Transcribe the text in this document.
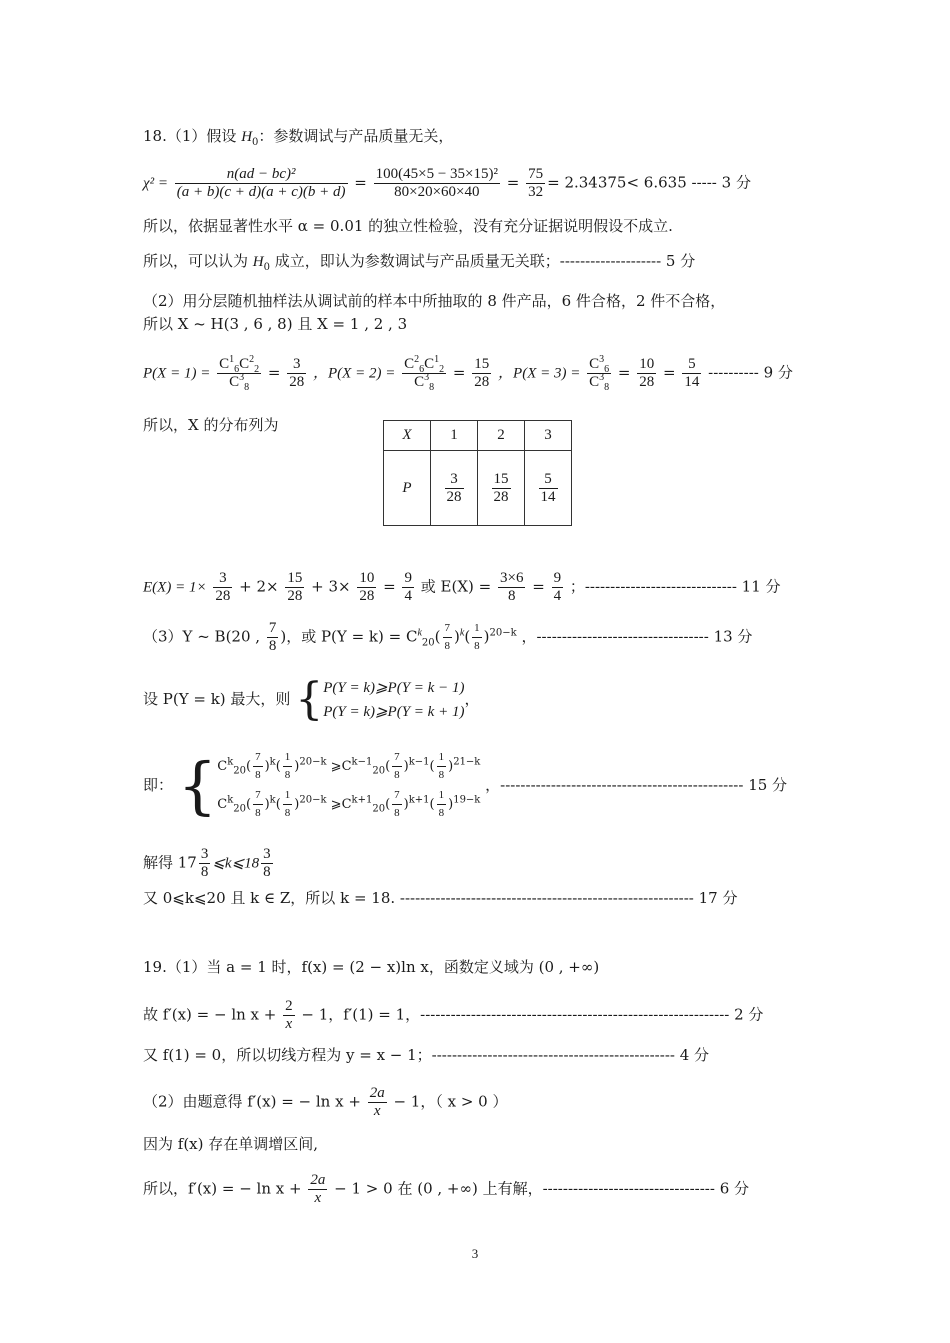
18.（1）假设 $H_0$：参数调试与产品质量无关，
$\chi^2 = \frac{\text{n(ad − bc)²}}{(a + b)(c + d)(a + c)(b + d)} = \frac{\text{100(45×5 − 35×15)²}}{80\times 20\times 60\times 40} = \frac{75}{32} = 2.34375< 6.635$ ----- 3 分
所以，依据显著性水平 α = 0.01 的独立性检验，没有充分证据说明假设不成立.
所以，可以认为 $H_0$ 成立，即认为参数调试与产品质量无关联；-------------------- 5 分
（2）用分层随机抽样法从调试前的样本中所抽取的 8 件产品，6 件合格，2 件不合格，
所以 X ~ H(3 , 6 , 8) 且 X = 1 , 2 , 3
$P(X = 1) = \frac{C^1_6C^2_2}{C^3_8} = \frac{3}{28}$ ，$P(X = 2) = \frac{C^2_6C^1_2}{C^3_8} = \frac{15}{28}$ ，$P(X = 3) = \frac{C^3_6}{C^3_8} = \frac{10}{28} = \frac{5}{14}$ ---------- 9 分
所以，X 的分布列为
X	1	2	3
P	$\frac{3}{28}$	$\frac{15}{28}$	$\frac{5}{14}$
$E(X) = 1\times \frac{3}{28} + 2\times \frac{15}{28} + 3\times \frac{10}{28} = \frac{9}{4}$ 或 $E(X) = \frac{3\times 6}{8} = \frac{9}{4}$ ；------------------------------ 11 分
（3）Y ~ B(20 , $\frac{7}{8}$ )，或 $P(Y = k) = C^k_{20}( \frac{7}{8} )^k( \frac{1}{8} )^{20-k}$ ，---------------------------------- 13 分
设 P(Y = k) 最大，则 { P(Y = k)⩾P(Y = k − 1)
P(Y = k)⩾P(Y = k + 1)
，
即： { $C^k_{20}( \frac{7}{8} )^k( \frac{1}{8} )^{20-k}$ $⩾C^{k-1}_{20}( \frac{7}{8} )^{k-1}( \frac{1}{8} )^{21-k}$
$C^k_{20}( \frac{7}{8} )^k( \frac{1}{8} )^{20-k}$ $⩾C^{k+1}_{20}( \frac{7}{8} )^{k+1}( \frac{1}{8} )^{19-k}$
，------------------------------------------------ 15 分
解得 $17 \frac{3}{8}$ ⩽k⩽18 $\frac{3}{8}$
又 0⩽k⩽20 且 k ∈ Z，所以 k = 18. ---------------------------------------------------------- 17 分
19.（1）当 a = 1 时，f(x) = (2 − x)ln x，函数定义域为 (0 , +∞)
故 f′(x) = − $\ln x + \frac{2}{x} - 1$，f′(1) = 1，------------------------------------------------------------- 2 分
又 f(1) = 0，所以切线方程为 y = x − 1；------------------------------------------------ 4 分
（2）由题意得 f′(x) = − $\ln x + \frac{2a}{x} - 1$，（ x > 0 ）
因为 f(x) 存在单调增区间,
所以，f′(x) = − $\ln x + \frac{2a}{x} - 1 > 0$ 在 (0 , +∞) 上有解，---------------------------------- 6 分
3
